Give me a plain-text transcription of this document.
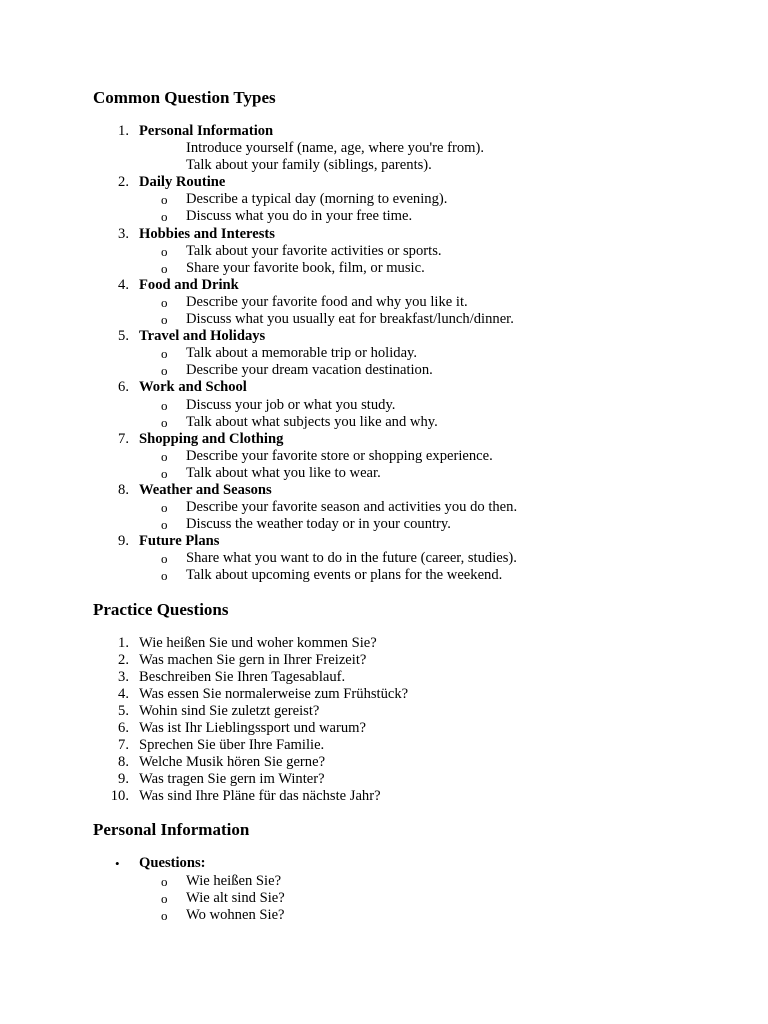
Common Question Types
1. Personal Information
Introduce yourself (name, age, where you're from).
Talk about your family (siblings, parents).
2. Daily Routine
o Describe a typical day (morning to evening).
o Discuss what you do in your free time.
3. Hobbies and Interests
o Talk about your favorite activities or sports.
o Share your favorite book, film, or music.
4. Food and Drink
o Describe your favorite food and why you like it.
o Discuss what you usually eat for breakfast/lunch/dinner.
5. Travel and Holidays
o Talk about a memorable trip or holiday.
o Describe your dream vacation destination.
6. Work and School
o Discuss your job or what you study.
o Talk about what subjects you like and why.
7. Shopping and Clothing
o Describe your favorite store or shopping experience.
o Talk about what you like to wear.
8. Weather and Seasons
o Describe your favorite season and activities you do then.
o Discuss the weather today or in your country.
9. Future Plans
o Share what you want to do in the future (career, studies).
o Talk about upcoming events or plans for the weekend.
Practice Questions
1. Wie heißen Sie und woher kommen Sie?
2. Was machen Sie gern in Ihrer Freizeit?
3. Beschreiben Sie Ihren Tagesablauf.
4. Was essen Sie normalerweise zum Frühstück?
5. Wohin sind Sie zuletzt gereist?
6. Was ist Ihr Lieblingssport und warum?
7. Sprechen Sie über Ihre Familie.
8. Welche Musik hören Sie gerne?
9. Was tragen Sie gern im Winter?
10. Was sind Ihre Pläne für das nächste Jahr?
Personal Information
• Questions:
o Wie heißen Sie?
o Wie alt sind Sie?
o Wo wohnen Sie?
